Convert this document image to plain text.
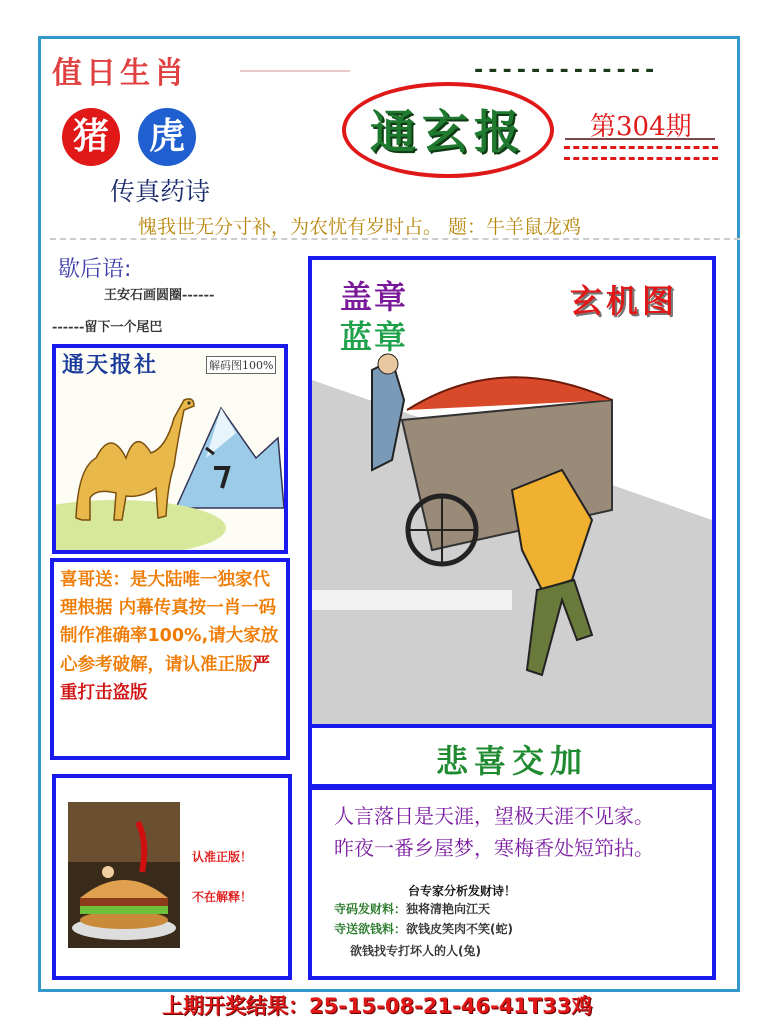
值日生肖	-------------
猪	虎
传真药诗
通玄报	第304期
愧我世无分寸补，为农忧有岁时占。 题：牛羊鼠龙鸡
歇后语:
王安石画圆圈------
------留下一个尾巴
通天报社	解码图100%
喜哥送：是大陆唯一独家代理根据 内幕传真按一肖一码制作准确率100%,请大家放心参考破解，请认准正版严重打击盗版
认准正版！
不在解释！
盖章
蓝章
玄机图
悲喜交加
人言落日是天涯，望极天涯不见家。
昨夜一番乡屋梦，寒梅香处短笻拈。
台专家分析发财诗！
寺码发财料：独将清艳向江天
寺送欲钱料：欲钱皮笑肉不笑(蛇)
欲钱找专打坏人的人(兔)
上期开奖结果：25-15-08-21-46-41T33鸡
